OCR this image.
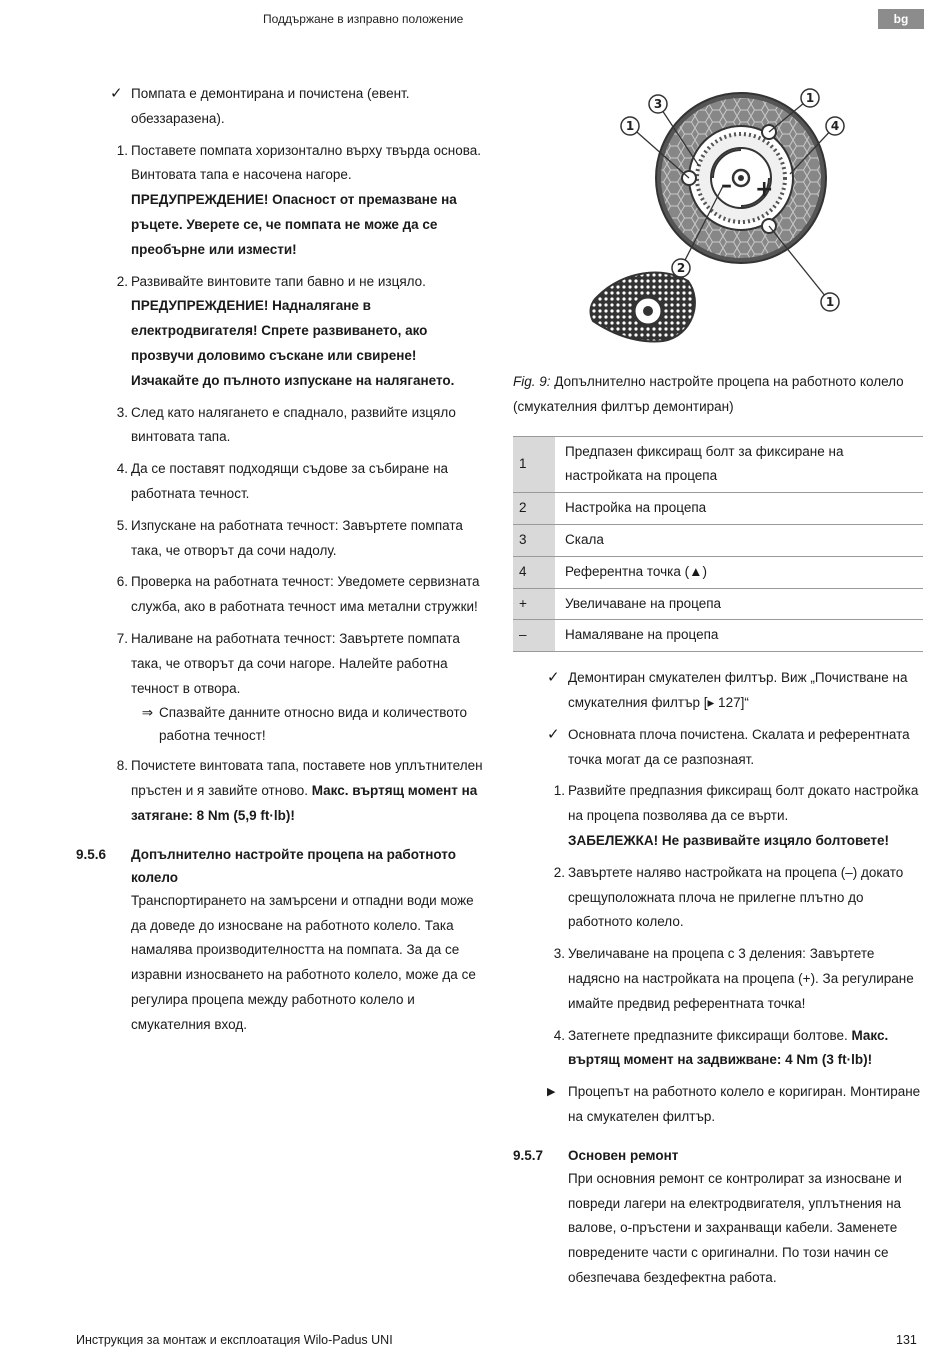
Поддържане в изправно положение	bg
✓ Помпата е демонтирана и почистена (евент. обеззаразена).
1. Поставете помпата хоризонтално върху твърда основа. Винтовата тапа е насочена нагоре.
ПРЕДУПРЕЖДЕНИЕ! Опасност от премазване на ръцете. Уверете се, че помпата не може да се преобърне или измести!
2. Развивайте винтовите тапи бавно и не изцяло.
ПРЕДУПРЕЖДЕНИЕ! Надналягане в електродвигателя! Спрете развиването, ако прозвучи доловимо съскане или свирене! Изчакайте до пълното изпускане на налягането.
3. След като налягането е спаднало, развийте изцяло винтовата тапа.
4. Да се поставят подходящи съдове за събиране на работната течност.
5. Изпускане на работната течност: Завъртете помпата така, че отворът да сочи надолу.
6. Проверка на работната течност: Уведомете сервизната служба, ако в работната течност има метални стружки!
7. Наливане на работната течност: Завъртете помпата така, че отворът да сочи нагоре. Налейте работна течност в отвора.
⇒ Спазвайте данните относно вида и количеството работна течност!
8. Почистете винтовата тапа, поставете нов уплътнителен пръстен и я завийте отново. Макс. въртящ момент на затягане: 8 Nm (5,9 ft·lb)!
9.5.6 Допълнително настройте процепа на работното колело
Транспортирането на замърсени и отпадни води може да доведе до износване на работното колело. Така намалява производителността на помпата. За да се изравни износването на работното колело, може да се регулира процепа между работното колело и смукателния вход.
– +
1
3	1
4
2
1
Fig. 9: Допълнително настройте процепа на работното колело (смукателния филтър демонтиран)
1	Предпазен фиксиращ болт за фиксиране на настройката на процепа
2	Настройка на процепа
3	Скала
4	Референтна точка (▲)
+	Увеличаване на процепа
–	Намаляване на процепа
✓ Демонтиран смукателен филтър. Виж „Почистване на смукателния филтър [▸ 127]“
✓ Основната плоча почистена. Скалата и референтната точка могат да се разпознаят.
1. Развийте предпазния фиксиращ болт докато настройка на процепа позволява да се върти.
ЗАБЕЛЕЖКА! Не развивайте изцяло болтовете!
2. Завъртете наляво настройката на процепа (–) докато срещуположната плоча не прилегне плътно до работното колело.
3. Увеличаване на процепа с 3 деления: Завъртете надясно на настройката на процепа (+). За регулиране имайте предвид референтната точка!
4. Затегнете предпазните фиксиращи болтове. Макс. въртящ момент на задвижване: 4 Nm (3 ft·lb)!
▶ Процепът на работното колело е коригиран. Монтиране на смукателен филтър.
9.5.7 Основен ремонт
При основния ремонт се контролират за износване и повреди лагери на електродвигателя, уплътнения на валове, о-пръстени и захранващи кабели. Заменете повредените части с оригинални. По този начин се обезпечава бездефектна работа.
Инструкция за монтаж и експлоатация Wilo-Padus UNI	131
